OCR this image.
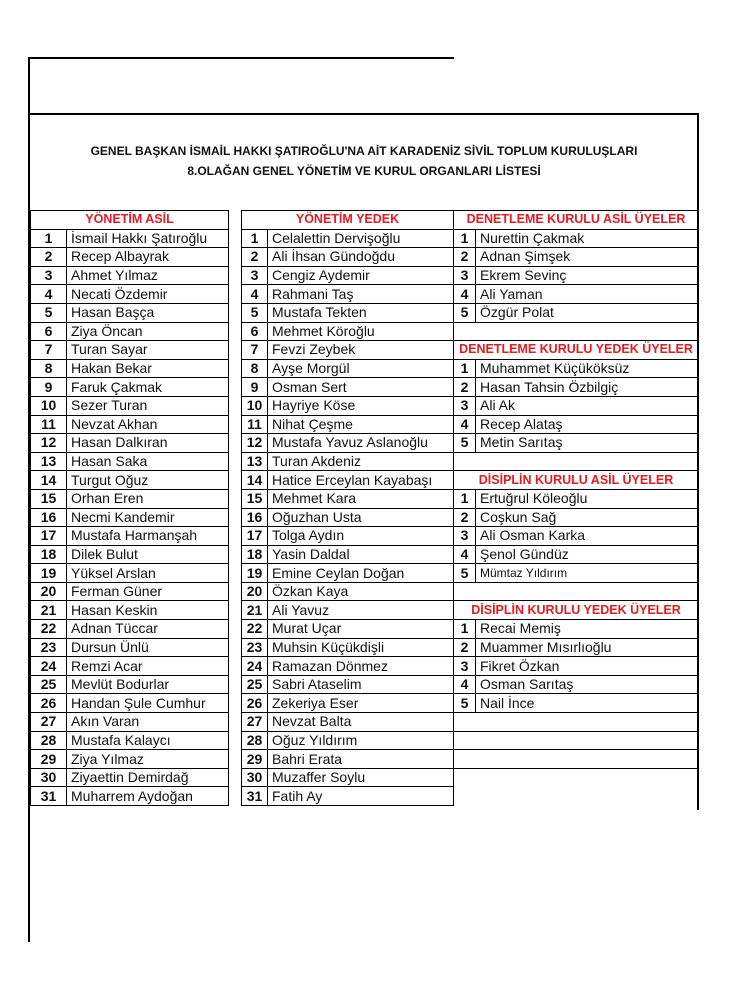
GENEL BAŞKAN İSMAİL HAKKI ŞATIROĞLU'NA AİT KARADENİZ SİVİL TOPLUM KURULUŞLARI
8.OLAĞAN GENEL YÖNETİM VE KURUL ORGANLARI LİSTESİ
YÖNETİM ASİL	
1	İsmail Hakkı Şatıroğlu
2	Recep Albayrak
3	Ahmet Yılmaz
4	Necati Özdemir
5	Hasan Başça
6	Ziya Öncan
7	Turan Sayar
8	Hakan Bekar
9	Faruk Çakmak
10	Sezer Turan
11	Nevzat Akhan
12	Hasan Dalkıran
13	Hasan Saka
14	Turgut Oğuz
15	Orhan Eren
16	Necmi Kandemir
17	Mustafa Harmanşah
18	Dilek Bulut
19	Yüksel Arslan
20	Ferman Güner
21	Hasan Keskin
22	Adnan Tüccar
23	Dursun Ünlü
24	Remzi Acar
25	Mevlüt Bodurlar
26	Handan Şule Cumhur
27	Akın Varan
28	Mustafa Kalaycı
29	Ziya Yılmaz
30	Ziyaettin Demirdağ
31	Muharrem Aydoğan
YÖNETİM YEDEK	
1	Celalettin Dervişoğlu
2	Ali İhsan Gündoğdu
3	Cengiz Aydemir
4	Rahmani Taş
5	Mustafa Tekten
6	Mehmet Köroğlu
7	Fevzi Zeybek
8	Ayşe Morgül
9	Osman Sert
10	Hayriye Köse
11	Nihat Çeşme
12	Mustafa Yavuz Aslanoğlu
13	Turan Akdeniz
14	Hatice Erceylan Kayabaşı
15	Mehmet Kara
16	Oğuzhan Usta
17	Tolga Aydın
18	Yasin Daldal
19	Emine Ceylan Doğan
20	Özkan Kaya
21	Ali Yavuz
22	Murat Uçar
23	Muhsin Küçükdişli
24	Ramazan Dönmez
25	Sabri Ataselim
26	Zekeriya Eser
27	Nevzat Balta
28	Oğuz Yıldırım
29	Bahri Erata
30	Muzaffer Soylu
31	Fatih Ay
DENETLEME KURULU ASİL ÜYELER	
1	Nurettin Çakmak
2	Adnan Şimşek
3	Ekrem Sevinç
4	Ali Yaman
5	Özgür Polat

DENETLEME KURULU YEDEK ÜYELER	
1	Muhammet Küçüköksüz
2	Hasan Tahsin Özbilgiç
3	Ali Ak
4	Recep Alataş
5	Metin Sarıtaş

DİSİPLİN KURULU ASİL ÜYELER	
1	Ertuğrul Köleoğlu
2	Coşkun Sağ
3	Ali Osman Karka
4	Şenol Gündüz
5	Mümtaz Yıldırım

DİSİPLİN KURULU YEDEK ÜYELER	
1	Recai Memiş
2	Muammer Mısırlıoğlu
3	Fikret Özkan
4	Osman Sarıtaş
5	Nail İnce
